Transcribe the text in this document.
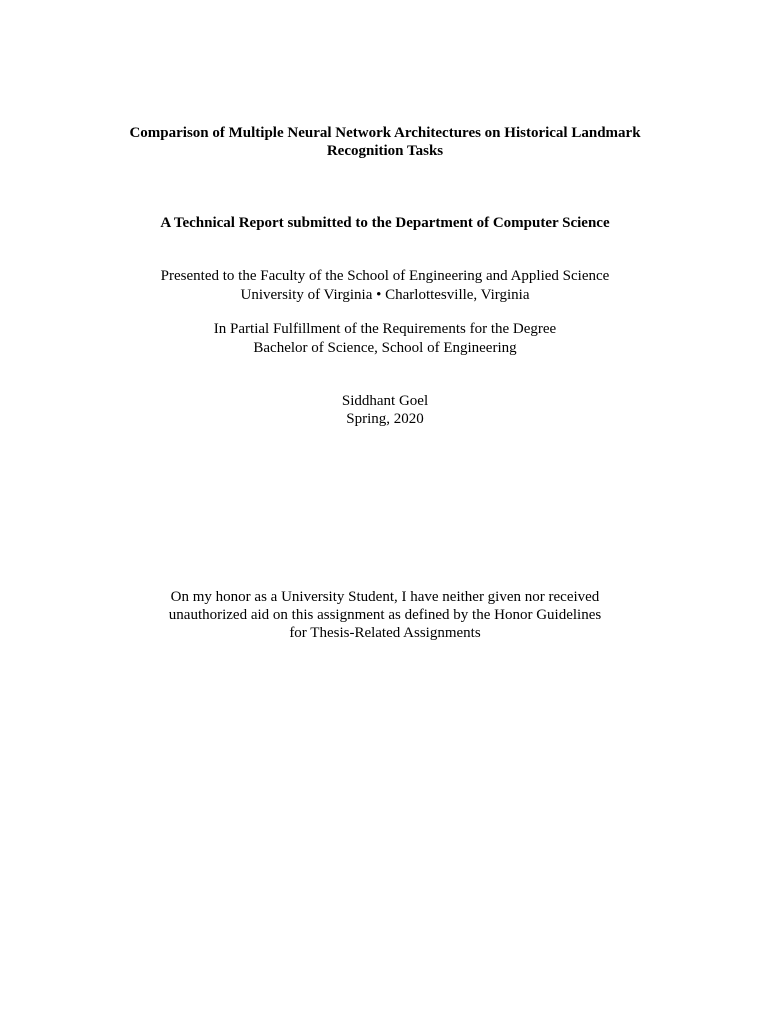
Comparison of Multiple Neural Network Architectures on Historical Landmark
Recognition Tasks
A Technical Report submitted to the Department of Computer Science
Presented to the Faculty of the School of Engineering and Applied Science
University of Virginia • Charlottesville, Virginia
In Partial Fulfillment of the Requirements for the Degree
Bachelor of Science, School of Engineering
Siddhant Goel
Spring, 2020
On my honor as a University Student, I have neither given nor received
unauthorized aid on this assignment as defined by the Honor Guidelines
for Thesis-Related Assignments
